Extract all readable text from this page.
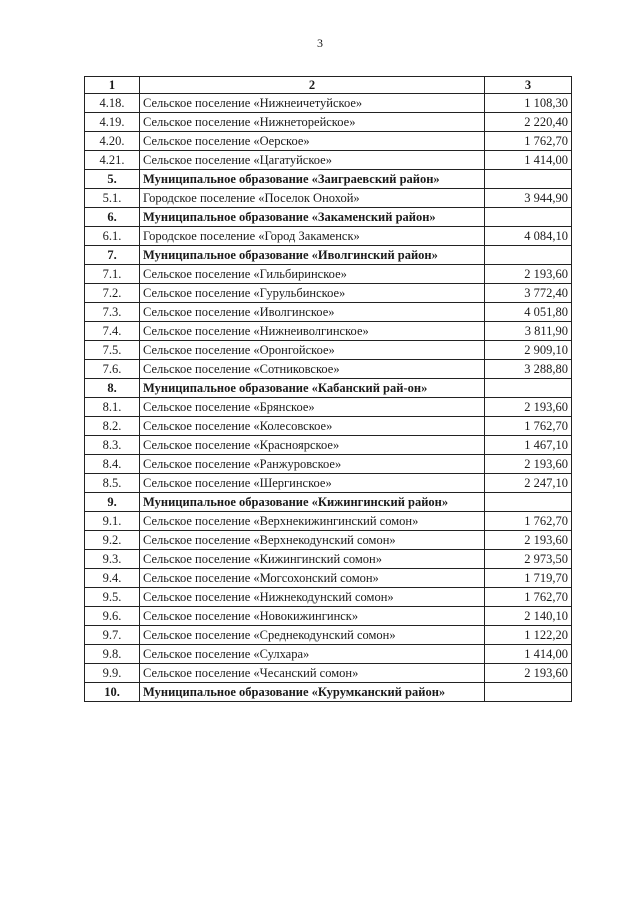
3
1	2	3
4.18.	Сельское поселение «Нижнеичетуйское»	1 108,30
4.19.	Сельское поселение «Нижнеторейское»	2 220,40
4.20.	Сельское поселение «Оерское»	1 762,70
4.21.	Сельское поселение «Цагатуйское»	1 414,00
5.	Муниципальное образование «Заиграевский район»	
5.1.	Городское поселение «Поселок Онохой»	3 944,90
6.	Муниципальное образование «Закаменский район»	
6.1.	Городское поселение «Город Закаменск»	4 084,10
7.	Муниципальное образование «Иволгинский район»	
7.1.	Сельское поселение «Гильбиринское»	2 193,60
7.2.	Сельское поселение «Гурульбинское»	3 772,40
7.3.	Сельское поселение «Иволгинское»	4 051,80
7.4.	Сельское поселение «Нижнеиволгинское»	3 811,90
7.5.	Сельское поселение «Оронгойское»	2 909,10
7.6.	Сельское поселение «Сотниковское»	3 288,80
8.	Муниципальное образование «Кабанский рай-он»	
8.1.	Сельское поселение «Брянское»	2 193,60
8.2.	Сельское поселение «Колесовское»	1 762,70
8.3.	Сельское поселение «Красноярское»	1 467,10
8.4.	Сельское поселение «Ранжуровское»	2 193,60
8.5.	Сельское поселение «Шергинское»	2 247,10
9.	Муниципальное образование «Кижингинский район»	
9.1.	Сельское поселение «Верхнекижингинский сомон»	1 762,70
9.2.	Сельское поселение «Верхнекодунский сомон»	2 193,60
9.3.	Сельское поселение «Кижингинский сомон»	2 973,50
9.4.	Сельское поселение «Могсохонский сомон»	1 719,70
9.5.	Сельское поселение «Нижнекодунский сомон»	1 762,70
9.6.	Сельское поселение «Новокижингинск»	2 140,10
9.7.	Сельское поселение «Среднекодунский сомон»	1 122,20
9.8.	Сельское поселение «Сулхара»	1 414,00
9.9.	Сельское поселение «Чесанский сомон»	2 193,60
10.	Муниципальное образование «Курумканский район»	
